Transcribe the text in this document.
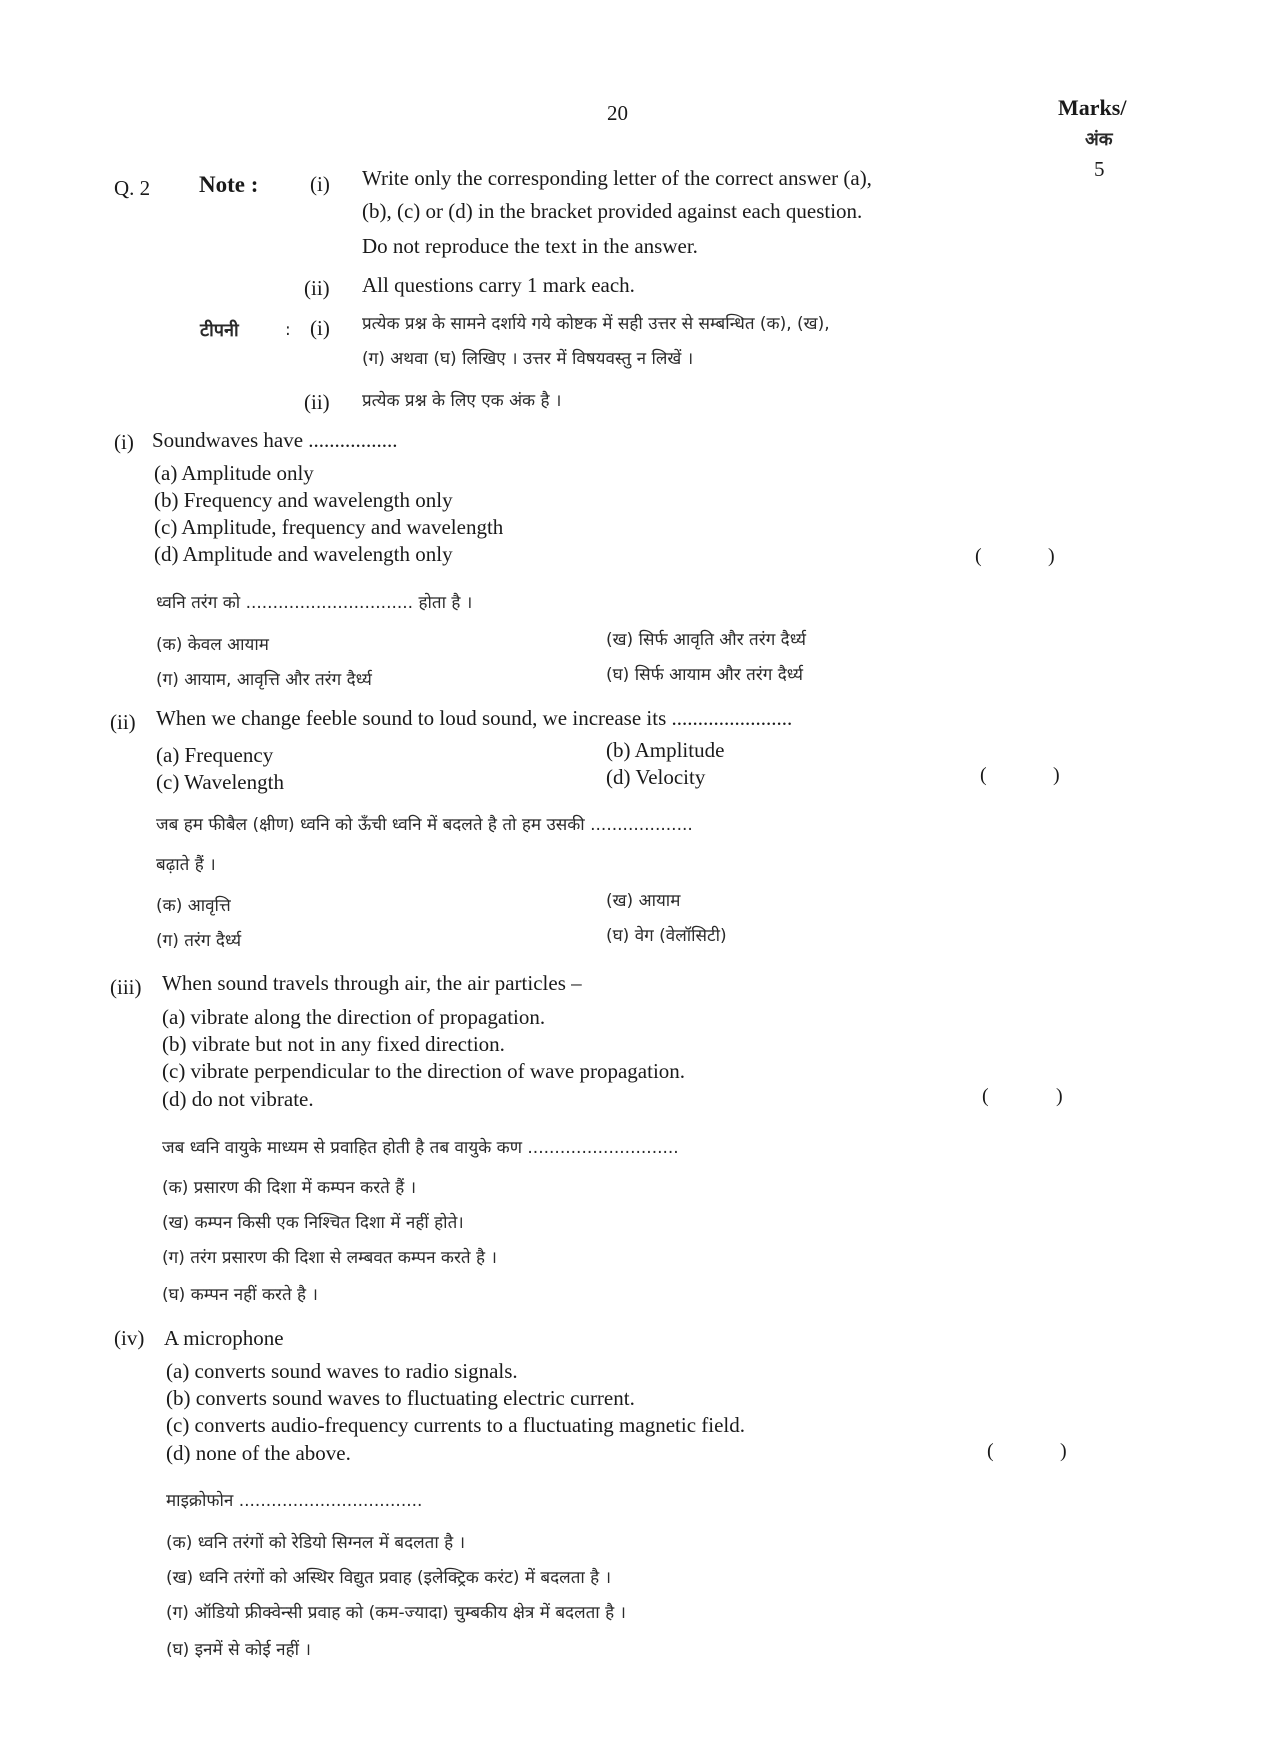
20	Marks/
अंक
5
Q. 2 Note : (i) Write only the corresponding letter of the correct answer (a),
(b), (c) or (d) in the bracket provided against each question.
Do not reproduce the text in the answer.
(ii) All questions carry 1 mark each.
टीपनी	: (i) प्रत्येक प्रश्न के सामने दर्शाये गये कोष्टक में सही उत्तर से सम्बन्धित (क), (ख),
(ग) अथवा (घ) लिखिए । उत्तर में विषयवस्तु न लिखें ।
(ii) प्रत्येक प्रश्न के लिए एक अंक है ।
(i) Soundwaves have .................
(a) Amplitude only
(b) Frequency and wavelength only
(c) Amplitude, frequency and wavelength
(d) Amplitude and wavelength only	(	)
ध्वनि तरंग को ............................... होता है ।
(क) केवल आयाम	(ख) सिर्फ आवृति और तरंग दैर्ध्य
(ग) आयाम, आवृत्ति और तरंग दैर्ध्य	(घ) सिर्फ आयाम और तरंग दैर्ध्य
(ii) When we change feeble sound to loud sound, we increase its .......................
(a) Frequency	(b) Amplitude
(c) Wavelength	(d) Velocity	(	)
जब हम फीबैल (क्षीण) ध्वनि को ऊँची ध्वनि में बदलते है तो हम उसकी ...................
बढ़ाते हैं ।
(क) आवृत्ति	(ख) आयाम
(ग) तरंग दैर्ध्य	(घ) वेग (वेलॉसिटी)
(iii) When sound travels through air, the air particles –
(a) vibrate along the direction of propagation.
(b) vibrate but not in any fixed direction.
(c) vibrate perpendicular to the direction of wave propagation.
(d) do not vibrate.	(	)
जब ध्वनि वायुके माध्यम से प्रवाहित होती है तब वायुके कण ............................
(क) प्रसारण की दिशा में कम्पन करते हैं ।
(ख) कम्पन किसी एक निश्चित दिशा में नहीं होते।
(ग) तरंग प्रसारण की दिशा से लम्बवत कम्पन करते है ।
(घ) कम्पन नहीं करते है ।
(iv) A microphone
(a) converts sound waves to radio signals.
(b) converts sound waves to fluctuating electric current.
(c) converts audio-frequency currents to a fluctuating magnetic field.
(d) none of the above.	(	)
माइक्रोफोन ..................................
(क) ध्वनि तरंगों को रेडियो सिग्नल में बदलता है ।
(ख) ध्वनि तरंगों को अस्थिर विद्युत प्रवाह (इलेक्ट्रिक करंट) में बदलता है ।
(ग) ऑडियो फ्रीक्वेन्सी प्रवाह को (कम-ज्यादा) चुम्बकीय क्षेत्र में बदलता है ।
(घ) इनमें से कोई नहीं ।
